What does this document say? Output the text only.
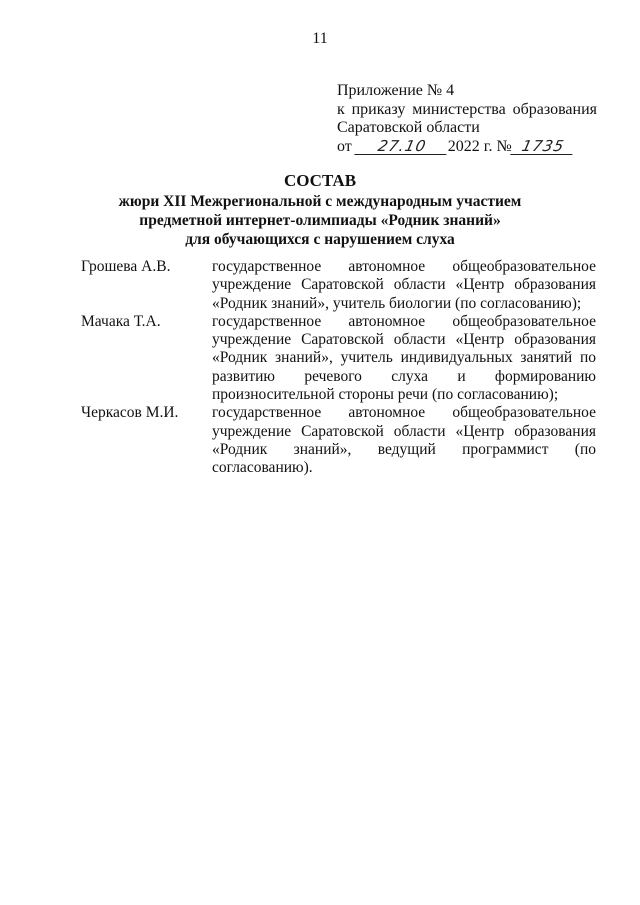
11
Приложение № 4
к приказу министерства образования
Саратовской области
от 27.10 2022 г. № 1735
СОСТАВ
жюри XII Межрегиональной с международным участием
предметной интернет-олимпиады «Родник знаний»
для обучающихся с нарушением слуха
Грошева А.В.	государственное автономное общеобразовательное
учреждение Саратовской области «Центр образования
«Родник знаний», учитель биологии (по согласованию);
Мачака Т.А.	государственное автономное общеобразовательное
учреждение Саратовской области «Центр образования
«Родник знаний», учитель индивидуальных занятий по
развитию речевого слуха и формированию
произносительной стороны речи (по согласованию);
Черкасов М.И.	государственное автономное общеобразовательное
учреждение Саратовской области «Центр образования
«Родник знаний», ведущий программист (по
согласованию).
